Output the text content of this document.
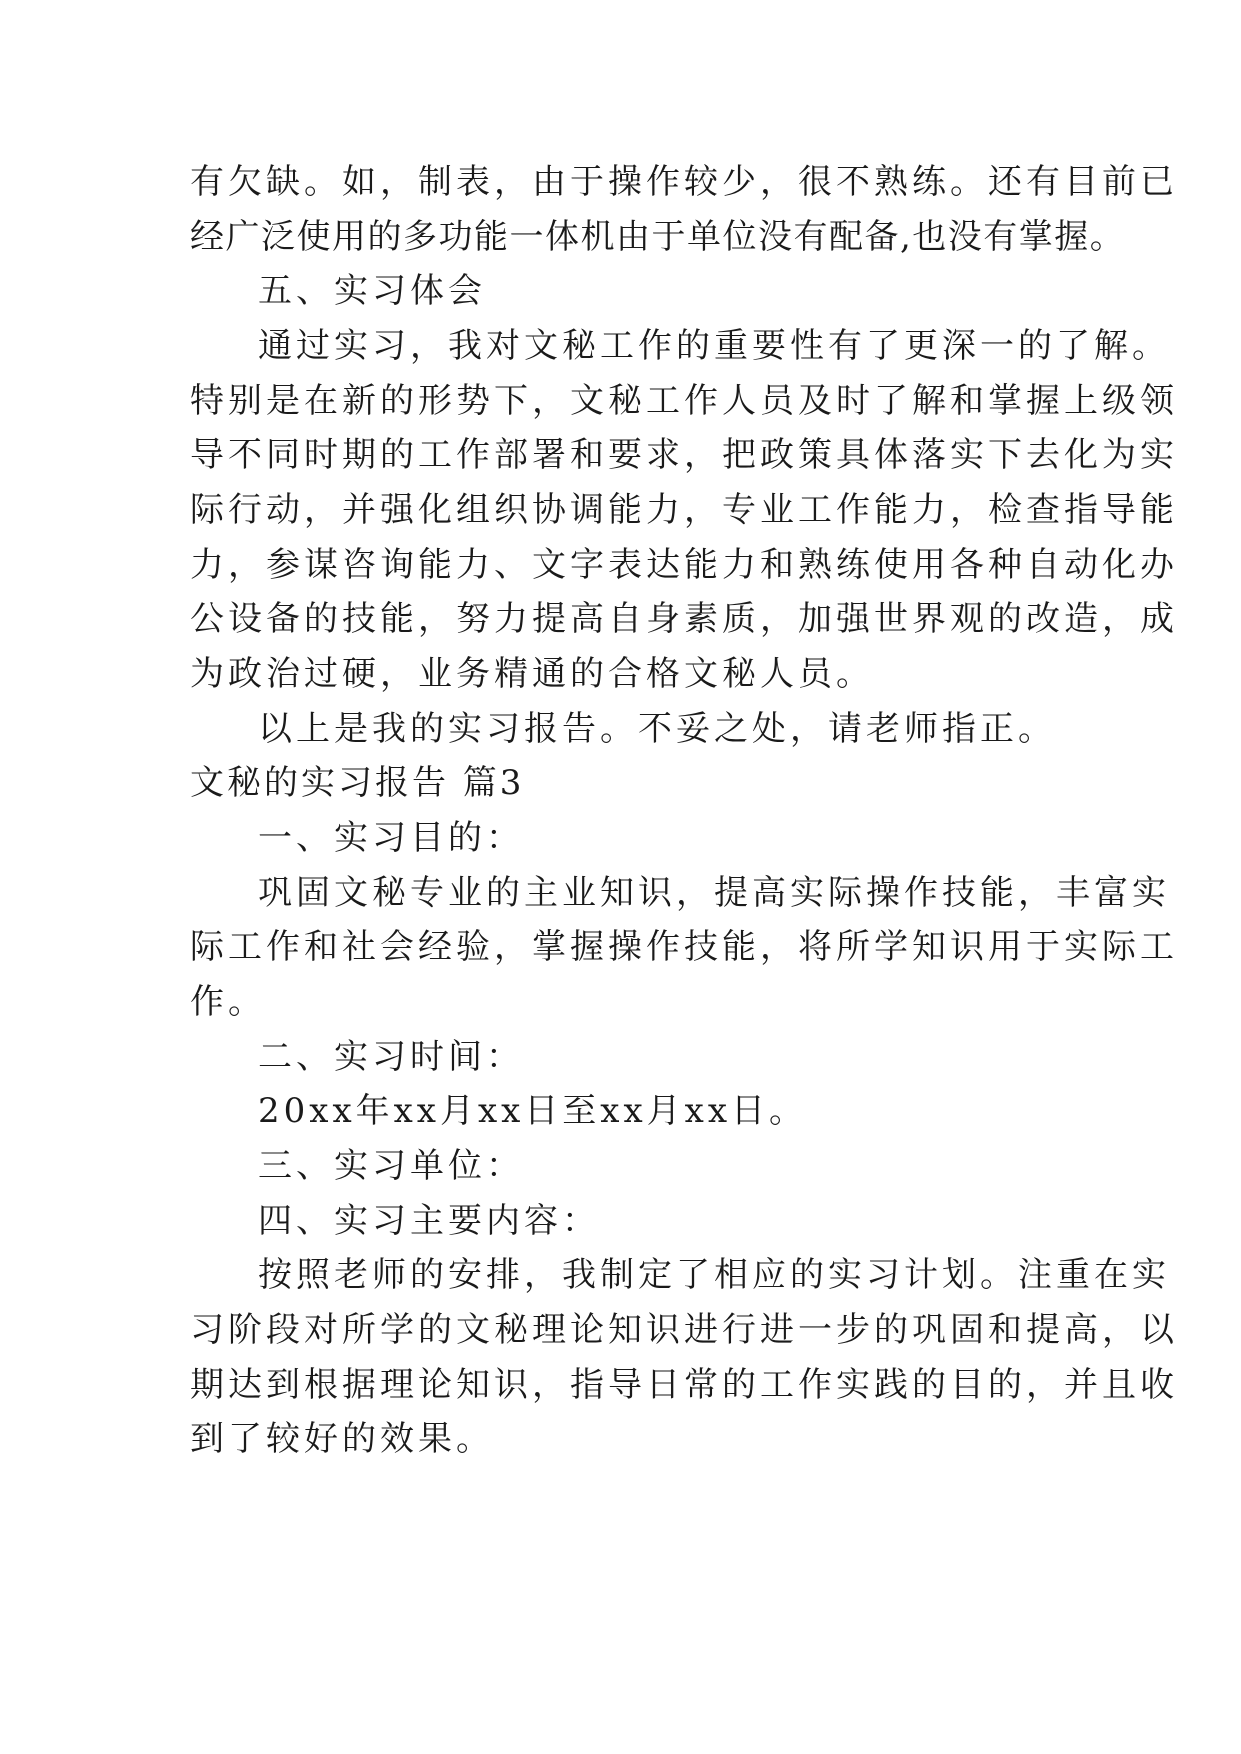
有欠缺。如，制表，由于操作较少，很不熟练。还有目前已
经广泛使用的多功能一体机由于单位没有配备,也没有掌握。
五、实习体会
通过实习，我对文秘工作的重要性有了更深一的了解。
特别是在新的形势下，文秘工作人员及时了解和掌握上级领
导不同时期的工作部署和要求，把政策具体落实下去化为实
际行动，并强化组织协调能力，专业工作能力，检查指导能
力，参谋咨询能力、文字表达能力和熟练使用各种自动化办
公设备的技能，努力提高自身素质，加强世界观的改造，成
为政治过硬，业务精通的合格文秘人员。
以上是我的实习报告。不妥之处，请老师指正。
文秘的实习报告 篇3
一、实习目的：
巩固文秘专业的主业知识，提高实际操作技能，丰富实
际工作和社会经验，掌握操作技能，将所学知识用于实际工
作。
二、实习时间：
20xx年xx月xx日至xx月xx日。
三、实习单位：
四、实习主要内容：
按照老师的安排，我制定了相应的实习计划。注重在实
习阶段对所学的文秘理论知识进行进一步的巩固和提高，以
期达到根据理论知识，指导日常的工作实践的目的，并且收
到了较好的效果。
